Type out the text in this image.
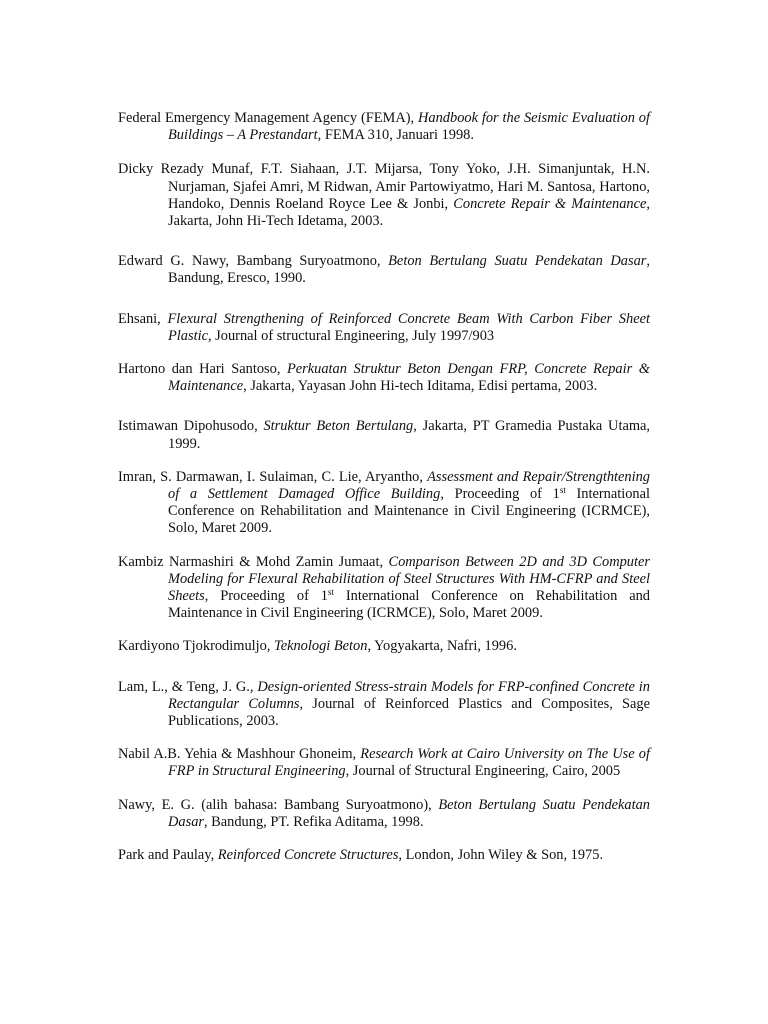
Federal Emergency Management Agency (FEMA), Handbook for the Seismic Evaluation of Buildings – A Prestandart, FEMA 310, Januari 1998.

Dicky Rezady Munaf, F.T. Siahaan, J.T. Mijarsa, Tony Yoko, J.H. Simanjuntak, H.N. Nurjaman, Sjafei Amri, M Ridwan, Amir Partowiyatmo, Hari M. Santosa, Hartono, Handoko, Dennis Roeland Royce Lee & Jonbi, Concrete Repair & Maintenance, Jakarta, John Hi-Tech Idetama, 2003.

Edward G. Nawy, Bambang Suryoatmono, Beton Bertulang Suatu Pendekatan Dasar, Bandung, Eresco, 1990.

Ehsani, Flexural Strengthening of Reinforced Concrete Beam With Carbon Fiber Sheet Plastic, Journal of structural Engineering, July 1997/903

Hartono dan Hari Santoso, Perkuatan Struktur Beton Dengan FRP, Concrete Repair & Maintenance, Jakarta, Yayasan John Hi-tech Iditama, Edisi pertama, 2003.

Istimawan Dipohusodo, Struktur Beton Bertulang, Jakarta, PT Gramedia Pustaka Utama, 1999.

Imran, S. Darmawan, I. Sulaiman, C. Lie, Aryantho, Assessment and Repair/Strengthtening of a Settlement Damaged Office Building, Proceeding of 1st International Conference on Rehabilitation and Maintenance in Civil Engineering (ICRMCE), Solo, Maret 2009.

Kambiz Narmashiri & Mohd Zamin Jumaat, Comparison Between 2D and 3D Computer Modeling for Flexural Rehabilitation of Steel Structures With HM-CFRP and Steel Sheets, Proceeding of 1st International Conference on Rehabilitation and Maintenance in Civil Engineering (ICRMCE), Solo, Maret 2009.

Kardiyono Tjokrodimuljo, Teknologi Beton, Yogyakarta, Nafri, 1996.

Lam, L., & Teng, J. G., Design-oriented Stress-strain Models for FRP-confined Concrete in Rectangular Columns, Journal of Reinforced Plastics and Composites, Sage Publications, 2003.

Nabil A.B. Yehia & Mashhour Ghoneim, Research Work at Cairo University on The Use of FRP in Structural Engineering, Journal of Structural Engineering, Cairo, 2005

Nawy, E. G. (alih bahasa: Bambang Suryoatmono), Beton Bertulang Suatu Pendekatan Dasar, Bandung, PT. Refika Aditama, 1998.

Park and Paulay, Reinforced Concrete Structures, London, John Wiley & Son, 1975.
